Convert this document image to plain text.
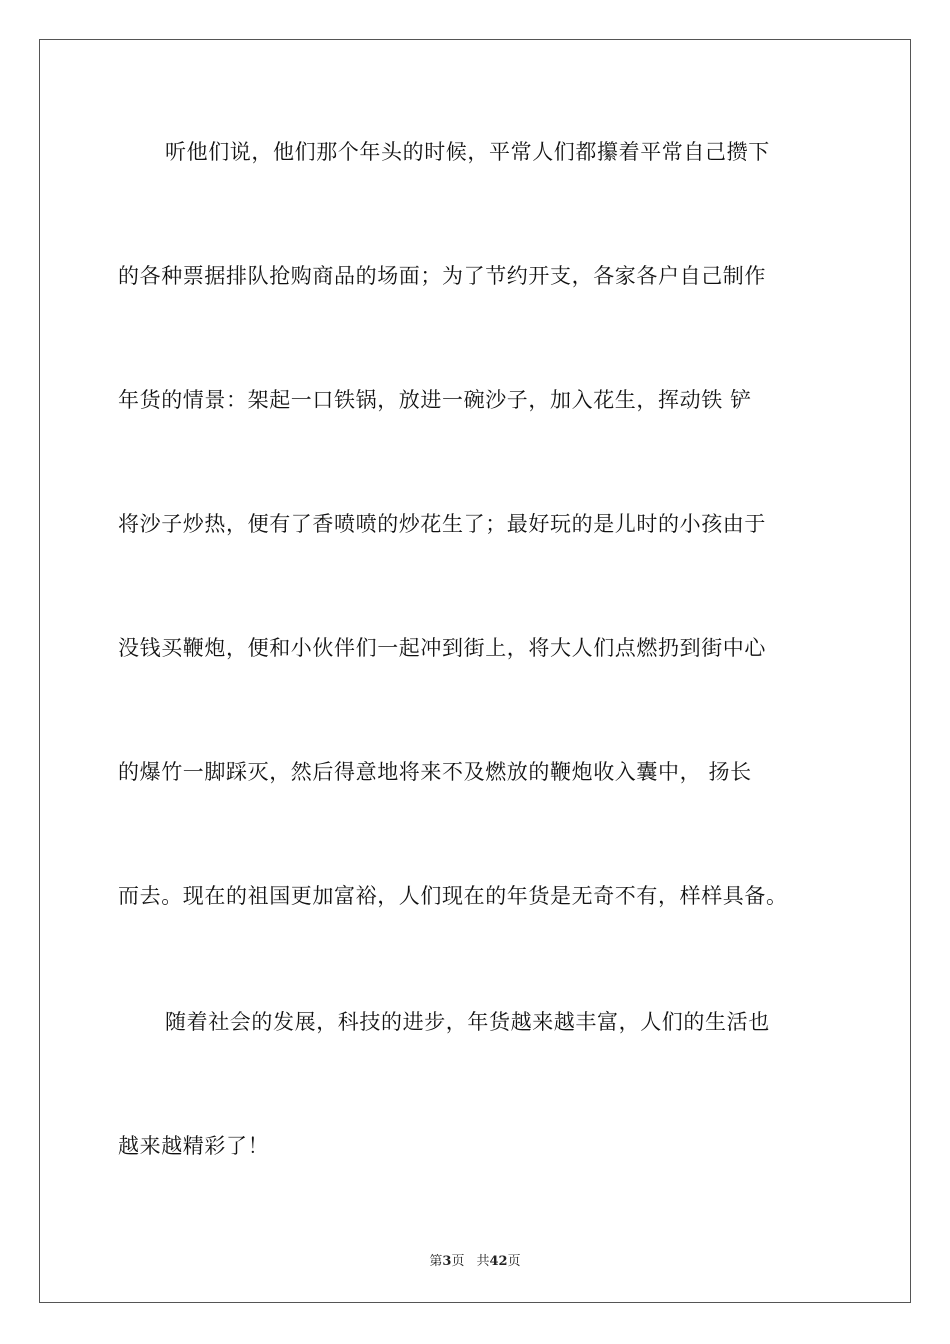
听他们说，他们那个年头的时候，平常人们都攥着平常自己攒下
的各种票据排队抢购商品的场面；为了节约开支，各家各户自己制作
年货的情景：架起一口铁锅，放进一碗沙子，加入花生，挥动铁 铲
将沙子炒热，便有了香喷喷的炒花生了；最好玩的是儿时的小孩由于
没钱买鞭炮，便和小伙伴们一起冲到街上，将大人们点燃扔到街中心
的爆竹一脚踩灭，然后得意地将来不及燃放的鞭炮收入囊中， 扬长
而去。现在的祖国更加富裕，人们现在的年货是无奇不有，样样具备。
随着社会的发展，科技的进步，年货越来越丰富，人们的生活也
越来越精彩了！
第3页 共42页
